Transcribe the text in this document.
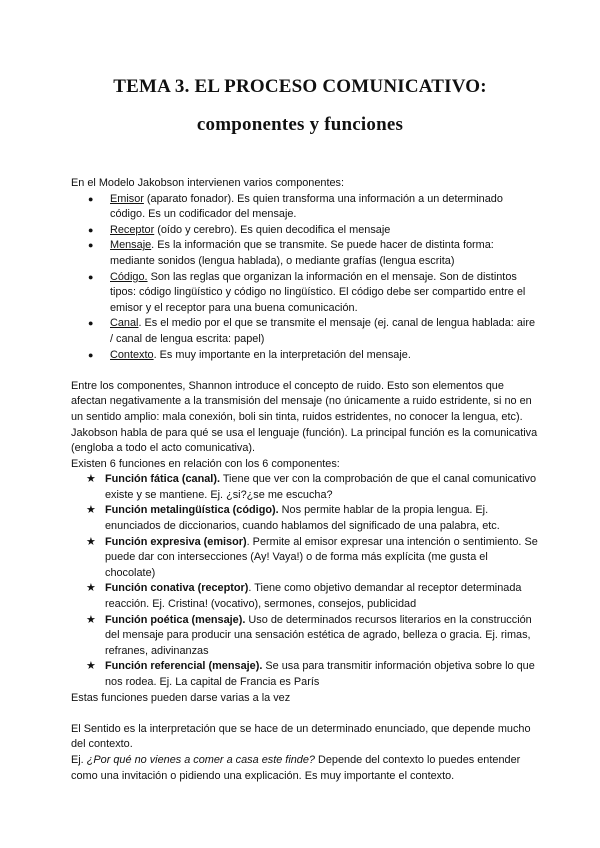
TEMA 3. EL PROCESO COMUNICATIVO:
componentes y funciones

En el Modelo Jakobson intervienen varios componentes:

● Emisor (aparato fonador). Es quien transforma una información a un determinado código. Es un codificador del mensaje.
● Receptor (oído y cerebro). Es quien decodifica el mensaje
● Mensaje. Es la información que se transmite. Se puede hacer de distinta forma: mediante sonidos (lengua hablada), o mediante grafías (lengua escrita)
● Código. Son las reglas que organizan la información en el mensaje. Son de distintos tipos: código lingüístico y código no lingüístico. El código debe ser compartido entre el emisor y el receptor para una buena comunicación.
● Canal. Es el medio por el que se transmite el mensaje (ej. canal de lengua hablada: aire / canal de lengua escrita: papel)
● Contexto. Es muy importante en la interpretación del mensaje.

Entre los componentes, Shannon introduce el concepto de ruido. Esto son elementos que afectan negativamente a la transmisión del mensaje (no únicamente a ruido estridente, si no en un sentido amplio: mala conexión, boli sin tinta, ruidos estridentes, no conocer la lengua, etc).

Jakobson habla de para qué se usa el lenguaje (función). La principal función es la comunicativa (engloba a todo el acto comunicativa).

Existen 6 funciones en relación con los 6 componentes:

★ Función fática (canal). Tiene que ver con la comprobación de que el canal comunicativo existe y se mantiene. Ej. ¿si?¿se me escucha?
★ Función metalingüística (código). Nos permite hablar de la propia lengua. Ej. enunciados de diccionarios, cuando hablamos del significado de una palabra, etc.
★ Función expresiva (emisor). Permite al emisor expresar una intención o sentimiento. Se puede dar con intersecciones (Ay! Vaya!) o de forma más explícita (me gusta el chocolate)
★ Función conativa (receptor). Tiene como objetivo demandar al receptor determinada reacción. Ej. Cristina! (vocativo), sermones, consejos, publicidad
★ Función poética (mensaje). Uso de determinados recursos literarios en la construcción del mensaje para producir una sensación estética de agrado, belleza o gracia. Ej. rimas, refranes, adivinanzas
★ Función referencial (mensaje). Se usa para transmitir información objetiva sobre lo que nos rodea. Ej. La capital de Francia es París

Estas funciones pueden darse varias a la vez

El Sentido es la interpretación que se hace de un determinado enunciado, que depende mucho del contexto.

Ej. ¿Por qué no vienes a comer a casa este finde? Depende del contexto lo puedes entender como una invitación o pidiendo una explicación. Es muy importante el contexto.
